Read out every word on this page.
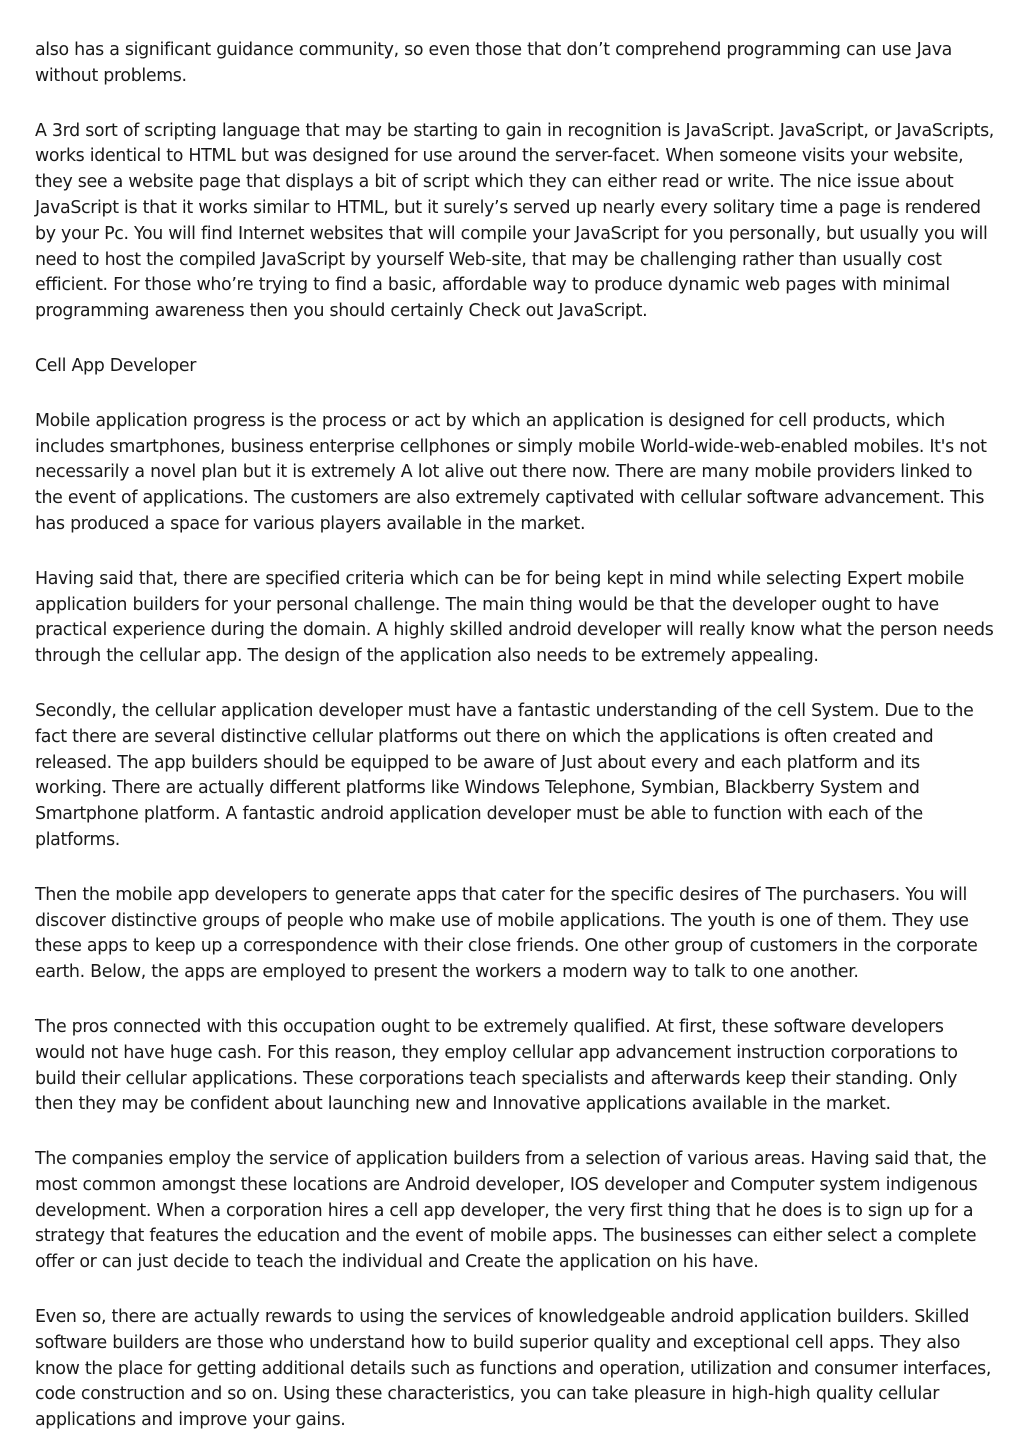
also has a significant guidance community, so even those that don’t comprehend programming can use Java without problems.

A 3rd sort of scripting language that may be starting to gain in recognition is JavaScript. JavaScript, or JavaScripts, works identical to HTML but was designed for use around the server-facet. When someone visits your website, they see a website page that displays a bit of script which they can either read or write. The nice issue about JavaScript is that it works similar to HTML, but it surely’s served up nearly every solitary time a page is rendered by your Pc. You will find Internet websites that will compile your JavaScript for you personally, but usually you will need to host the compiled JavaScript by yourself Web-site, that may be challenging rather than usually cost efficient. For those who’re trying to find a basic, affordable way to produce dynamic web pages with minimal programming awareness then you should certainly Check out JavaScript.

Cell App Developer

Mobile application progress is the process or act by which an application is designed for cell products, which includes smartphones, business enterprise cellphones or simply mobile World-wide-web-enabled mobiles. It's not necessarily a novel plan but it is extremely A lot alive out there now. There are many mobile providers linked to the event of applications. The customers are also extremely captivated with cellular software advancement. This has produced a space for various players available in the market.

Having said that, there are specified criteria which can be for being kept in mind while selecting Expert mobile application builders for your personal challenge. The main thing would be that the developer ought to have practical experience during the domain. A highly skilled android developer will really know what the person needs through the cellular app. The design of the application also needs to be extremely appealing.

Secondly, the cellular application developer must have a fantastic understanding of the cell System. Due to the fact there are several distinctive cellular platforms out there on which the applications is often created and released. The app builders should be equipped to be aware of Just about every and each platform and its working. There are actually different platforms like Windows Telephone, Symbian, Blackberry System and Smartphone platform. A fantastic android application developer must be able to function with each of the platforms.

Then the mobile app developers to generate apps that cater for the specific desires of The purchasers. You will discover distinctive groups of people who make use of mobile applications. The youth is one of them. They use these apps to keep up a correspondence with their close friends. One other group of customers in the corporate earth. Below, the apps are employed to present the workers a modern way to talk to one another.

The pros connected with this occupation ought to be extremely qualified. At first, these software developers would not have huge cash. For this reason, they employ cellular app advancement instruction corporations to build their cellular applications. These corporations teach specialists and afterwards keep their standing. Only then they may be confident about launching new and Innovative applications available in the market.

The companies employ the service of application builders from a selection of various areas. Having said that, the most common amongst these locations are Android developer, IOS developer and Computer system indigenous development. When a corporation hires a cell app developer, the very first thing that he does is to sign up for a strategy that features the education and the event of mobile apps. The businesses can either select a complete offer or can just decide to teach the individual and Create the application on his have.

Even so, there are actually rewards to using the services of knowledgeable android application builders. Skilled software builders are those who understand how to build superior quality and exceptional cell apps. They also know the place for getting additional details such as functions and operation, utilization and consumer interfaces, code construction and so on. Using these characteristics, you can take pleasure in high-high quality cellular applications and improve your gains.
